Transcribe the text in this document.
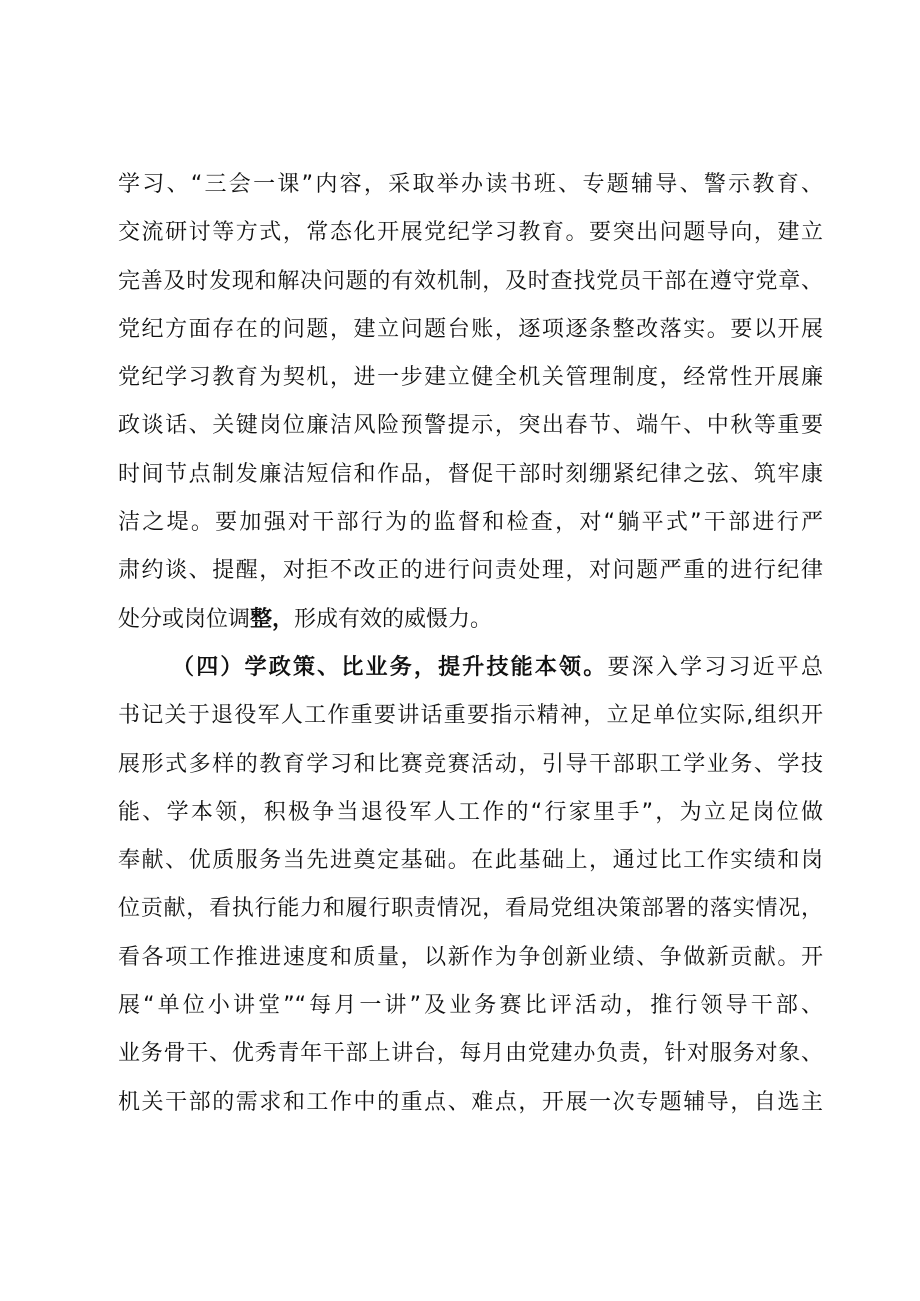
学习、“三会一课”内容，采取举办读书班、专题辅导、警示教育、
交流研讨等方式，常态化开展党纪学习教育。要突出问题导向，建立
完善及时发现和解决问题的有效机制，及时查找党员干部在遵守党章、
党纪方面存在的问题，建立问题台账，逐项逐条整改落实。要以开展
党纪学习教育为契机，进一步建立健全机关管理制度，经常性开展廉
政谈话、关键岗位廉洁风险预警提示，突出春节、端午、中秋等重要
时间节点制发廉洁短信和作品，督促干部时刻绷紧纪律之弦、筑牢康
洁之堤。要加强对干部行为的监督和检查，对“躺平式”干部进行严
肃约谈、提醒，对拒不改正的进行问责处理，对问题严重的进行纪律
处分或岗位调整，形成有效的威慑力。
（四）学政策、比业务，提升技能本领。要深入学习习近平总
书记关于退役军人工作重要讲话重要指示精神，立足单位实际,组织开
展形式多样的教育学习和比赛竞赛活动，引导干部职工学业务、学技
能、学本领，积极争当退役军人工作的“行家里手”，为立足岗位做
奉献、优质服务当先进奠定基础。在此基础上，通过比工作实绩和岗
位贡献，看执行能力和履行职责情况，看局党组决策部署的落实情况，
看各项工作推进速度和质量，以新作为争创新业绩、争做新贡献。开
展“单位小讲堂”“每月一讲”及业务赛比评活动，推行领导干部、
业务骨干、优秀青年干部上讲台，每月由党建办负责，针对服务对象、
机关干部的需求和工作中的重点、难点，开展一次专题辅导，自选主
